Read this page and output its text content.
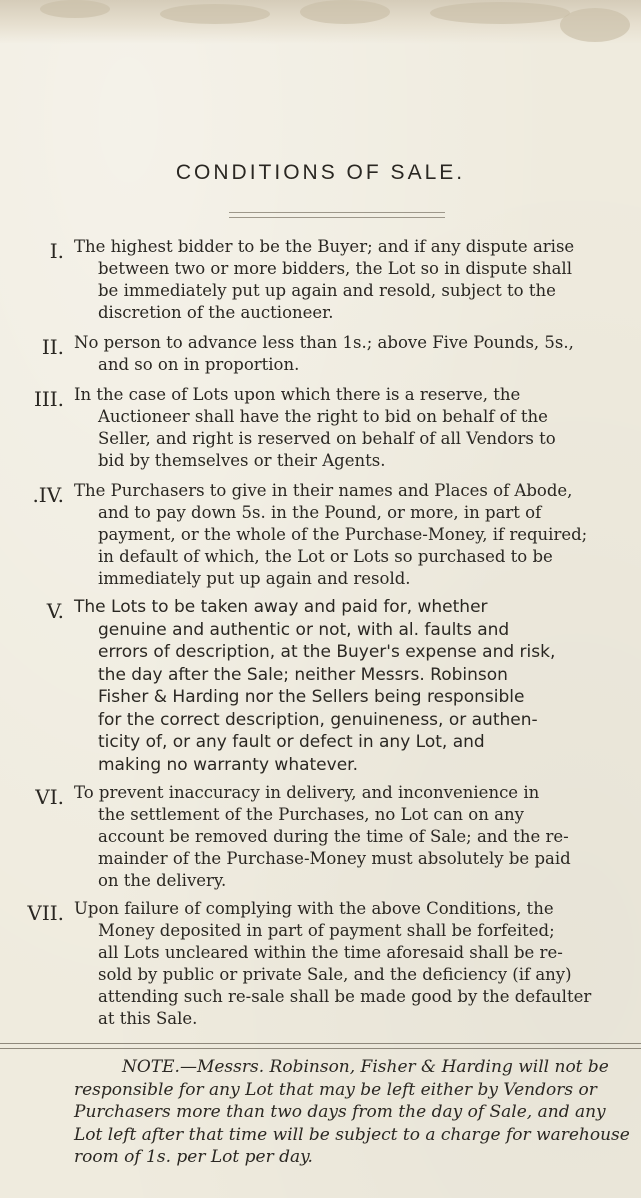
CONDITIONS OF SALE.
I. The highest bidder to be the Buyer; and if any dispute arise
between two or more bidders, the Lot so in dispute shall
be immediately put up again and resold, subject to the
discretion of the auctioneer.

II. No person to advance less than 1s.; above Five Pounds, 5s.,
and so on in proportion.

III. In the case of Lots upon which there is a reserve, the
Auctioneer shall have the right to bid on behalf of the
Seller, and right is reserved on behalf of all Vendors to
bid by themselves or their Agents.

.IV. The Purchasers to give in their names and Places of Abode,
and to pay down 5s. in the Pound, or more, in part of
payment, or the whole of the Purchase-Money, if required;
in default of which, the Lot or Lots so purchased to be
immediately put up again and resold.

V. The Lots to be taken away and paid for, whether
genuine and authentic or not, with al. faults and
errors of description, at the Buyer's expense and risk,
the day after the Sale; neither Messrs. Robinson
Fisher & Harding nor the Sellers being responsible
for the correct description, genuineness, or authen-
ticity of, or any fault or defect in any Lot, and
making no warranty whatever.

VI. To prevent inaccuracy in delivery, and inconvenience in
the settlement of the Purchases, no Lot can on any
account be removed during the time of Sale; and the re-
mainder of the Purchase-Money must absolutely be paid
on the delivery.

VII. Upon failure of complying with the above Conditions, the
Money deposited in part of payment shall be forfeited;
all Lots uncleared within the time aforesaid shall be re-
sold by public or private Sale, and the deficiency (if any)
attending such re-sale shall be made good by the defaulter
at this Sale.

NOTE.—Messrs. Robinson, Fisher & Harding will not be
responsible for any Lot that may be left either by Vendors or
Purchasers more than two days from the day of Sale, and any
Lot left after that time will be subject to a charge for warehouse
room of 1s. per Lot per day.
